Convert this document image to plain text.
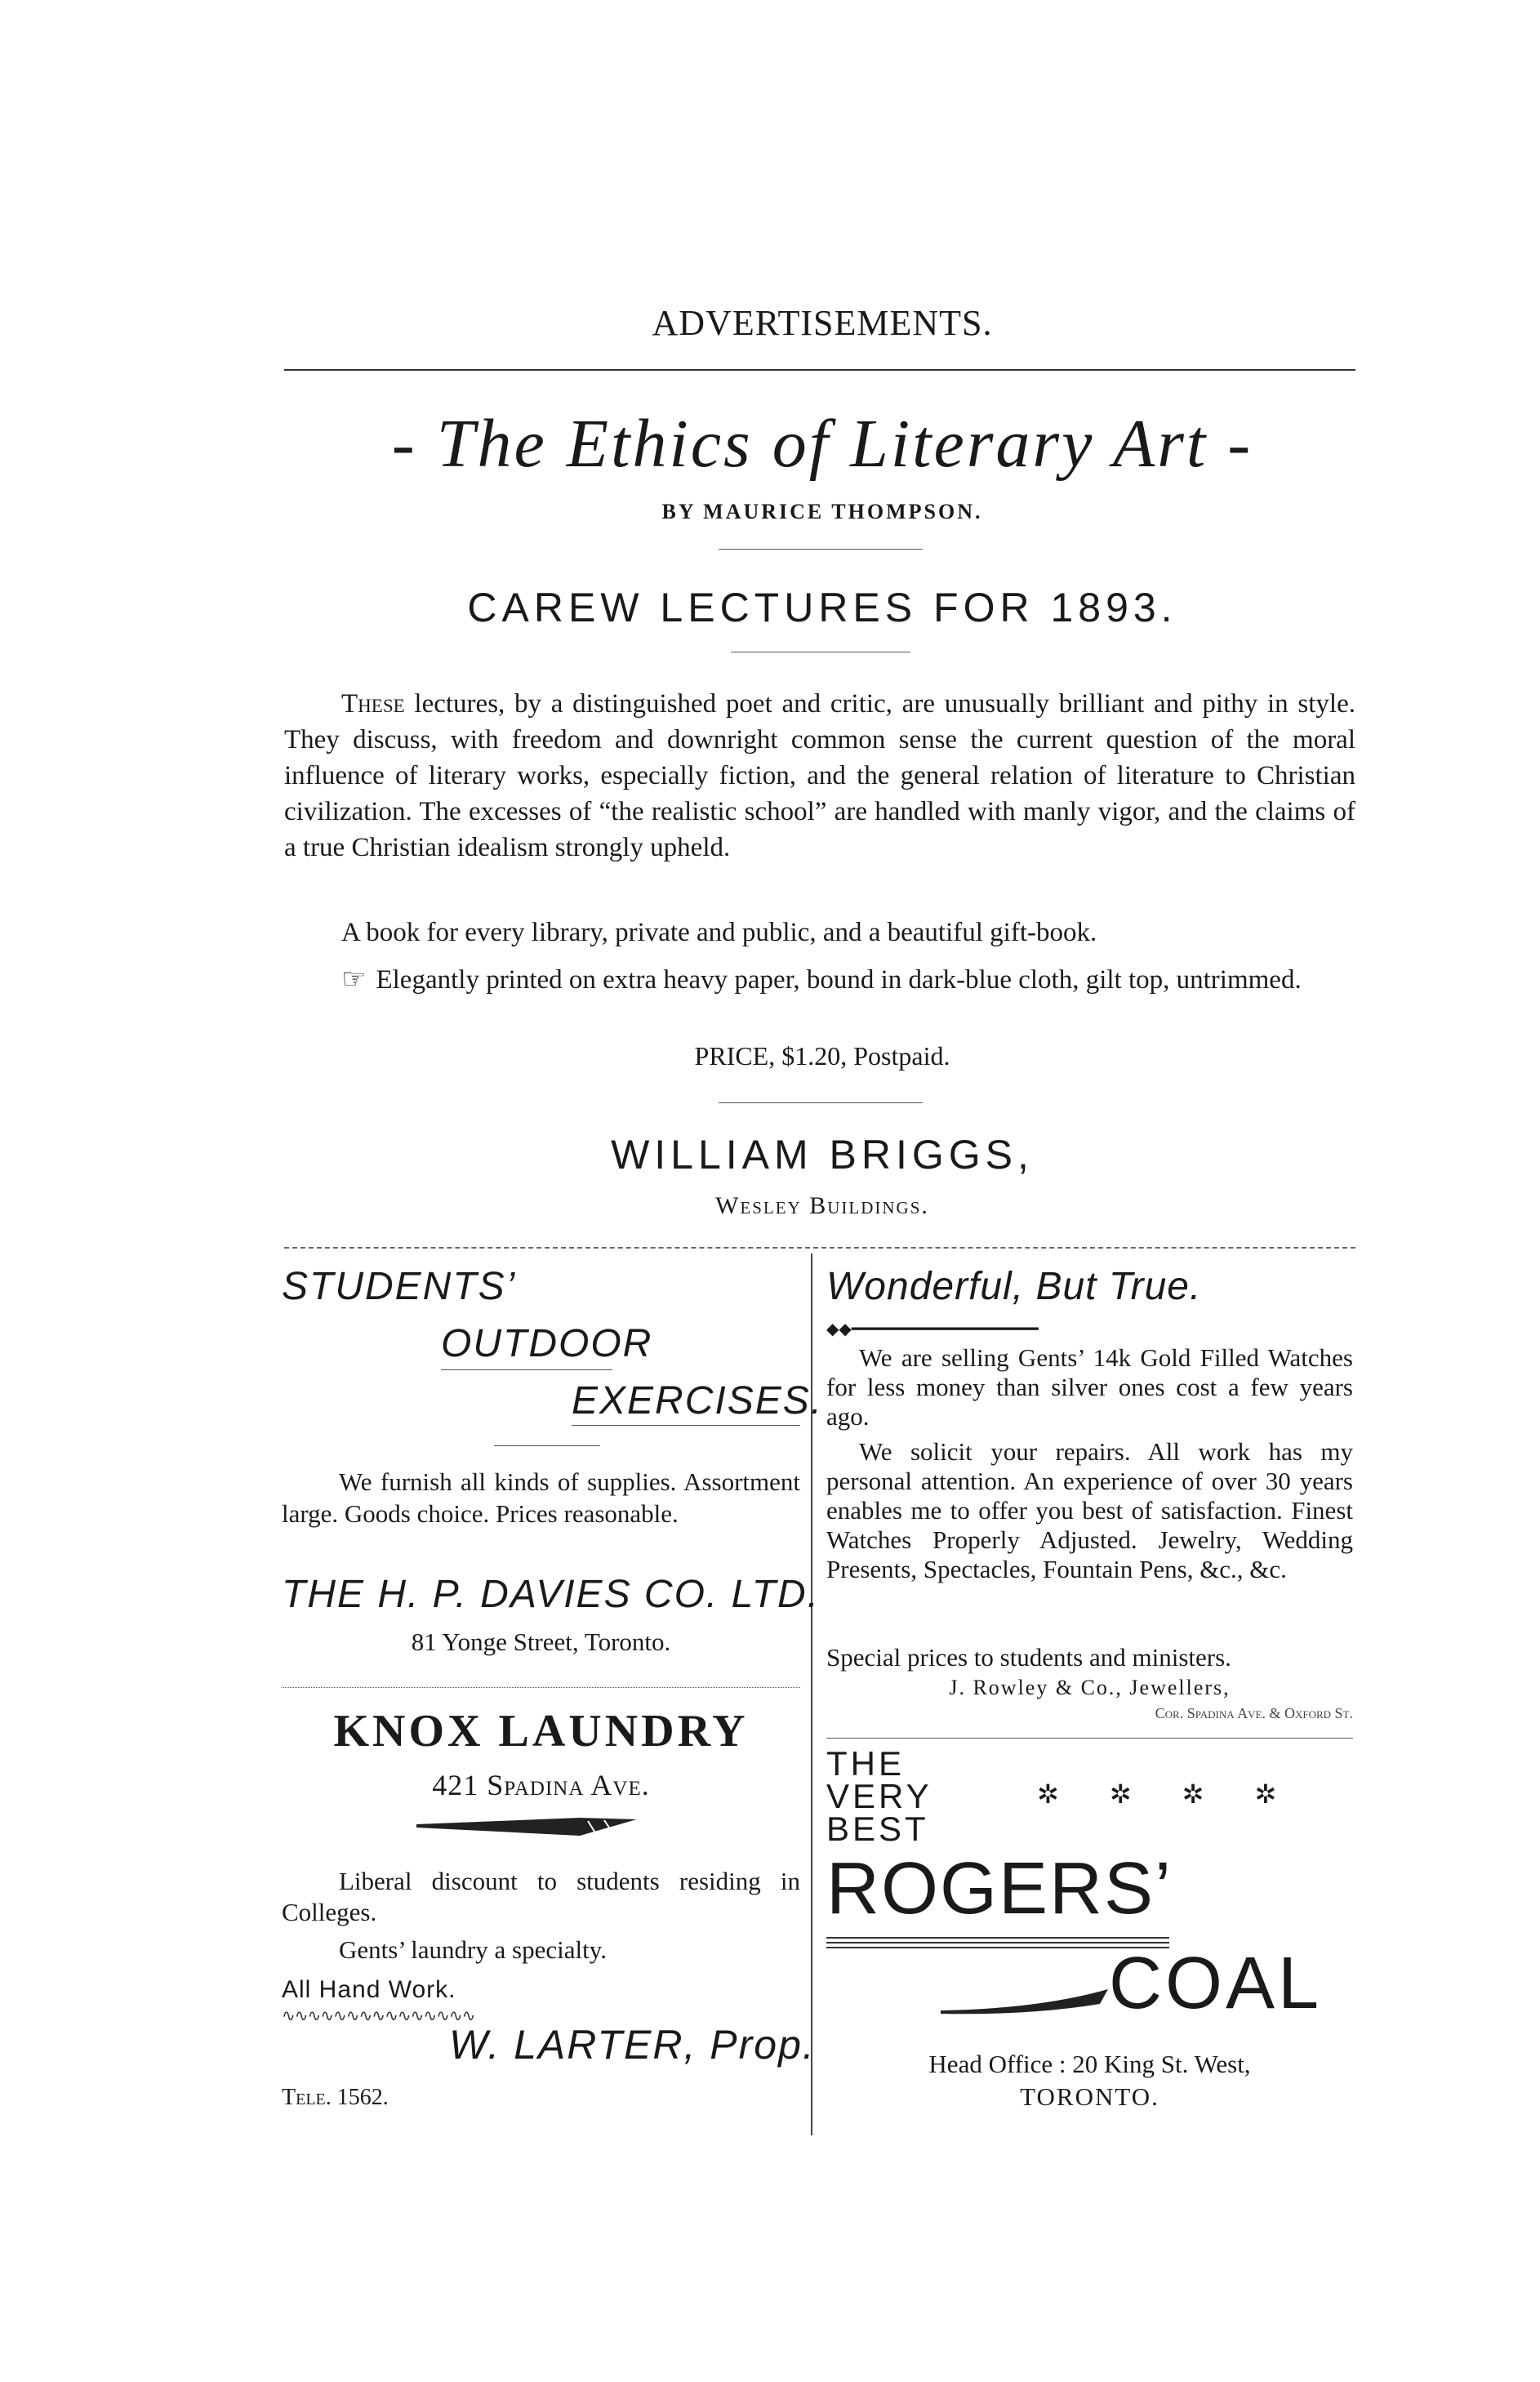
ADVERTISEMENTS.
- The Ethics of Literary Art -
BY MAURICE THOMPSON.
CAREW LECTURES FOR 1893.
These lectures, by a distinguished poet and critic, are unusually brilliant and pithy in style. They discuss, with freedom and downright common sense the current question of the moral influence of literary works, especially fiction, and the general relation of literature to Christian civilization. The excesses of “the realistic school” are handled with manly vigor, and the claims of a true Christian idealism strongly upheld.
A book for every library, private and public, and a beautiful gift-book.
☞ Elegantly printed on extra heavy paper, bound in dark-blue cloth, gilt top, untrimmed.
PRICE, $1.20, Postpaid.
WILLIAM BRIGGS,
Wesley Buildings.
STUDENTS’
OUTDOOR
EXERCISES.
We furnish all kinds of supplies. Assortment large. Goods choice. Prices reasonable.
THE H. P. DAVIES CO. LTD.
81 Yonge Street, Toronto.
KNOX LAUNDRY
421 Spadina Ave.
Liberal discount to students residing in Colleges.
Gents’ laundry a specialty.
All Hand Work.
∿∿∿∿∿∿∿∿∿∿∿∿∿∿∿
W. LARTER, Prop.
Tele. 1562.
Wonderful, But True.
◆◆━━━━━━━━━━━━━━━━━━━
We are selling Gents’ 14k Gold Filled Watches for less money than silver ones cost a few years ago.
We solicit your repairs. All work has my personal attention. An experience of over 30 years enables me to offer you best of satisfaction. Finest Watches Properly Adjusted. Jewelry, Wedding Presents, Spectacles, Fountain Pens, &c., &c.
Special prices to students and ministers.
J. Rowley & Co., Jewellers,
Cor. Spadina Ave. & Oxford St.
THE
VERY
BEST
✲✲✲✲
ROGERS’
COAL
Head Office : 20 King St. West,
TORONTO.
